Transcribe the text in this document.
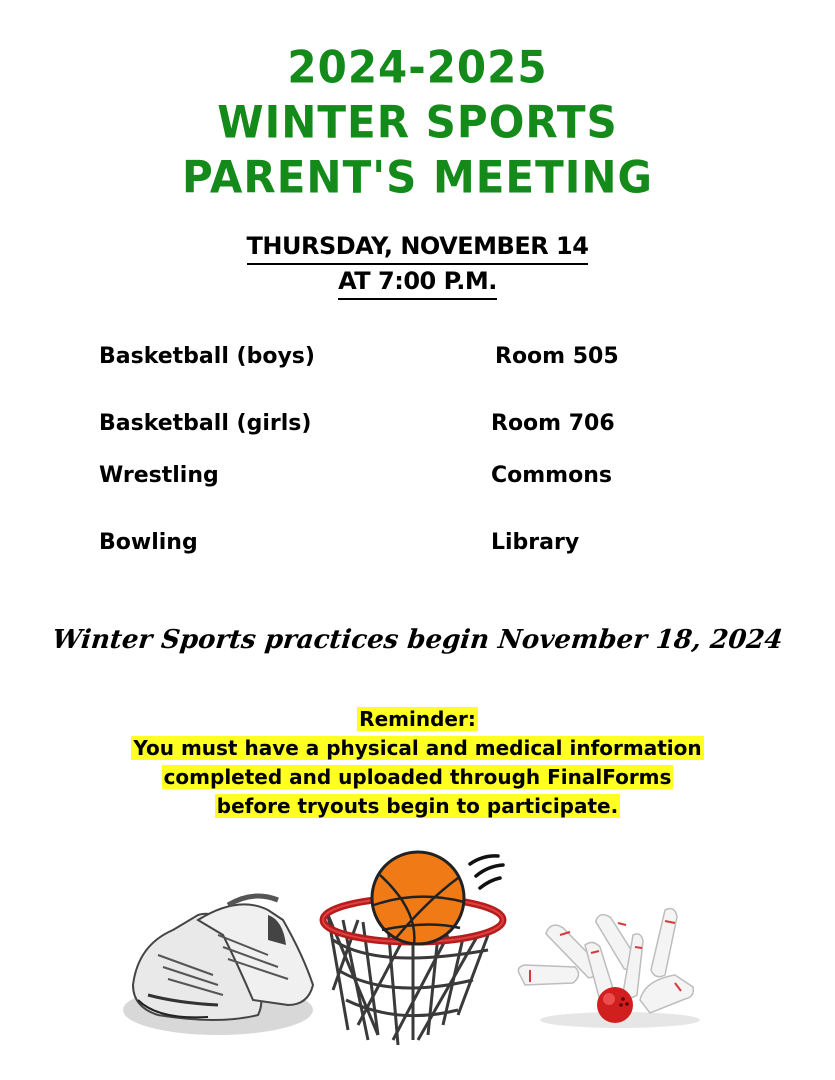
2024-2025
WINTER SPORTS
PARENT'S MEETING
THURSDAY, NOVEMBER 14
AT 7:00 P.M.
Basketball (boys)	Room 505
Basketball (girls)	Room 706
Wrestling	Commons
Bowling	Library
Winter Sports practices begin November 18, 2024
Reminder:
You must have a physical and medical information
completed and uploaded through FinalForms
before tryouts begin to participate.
